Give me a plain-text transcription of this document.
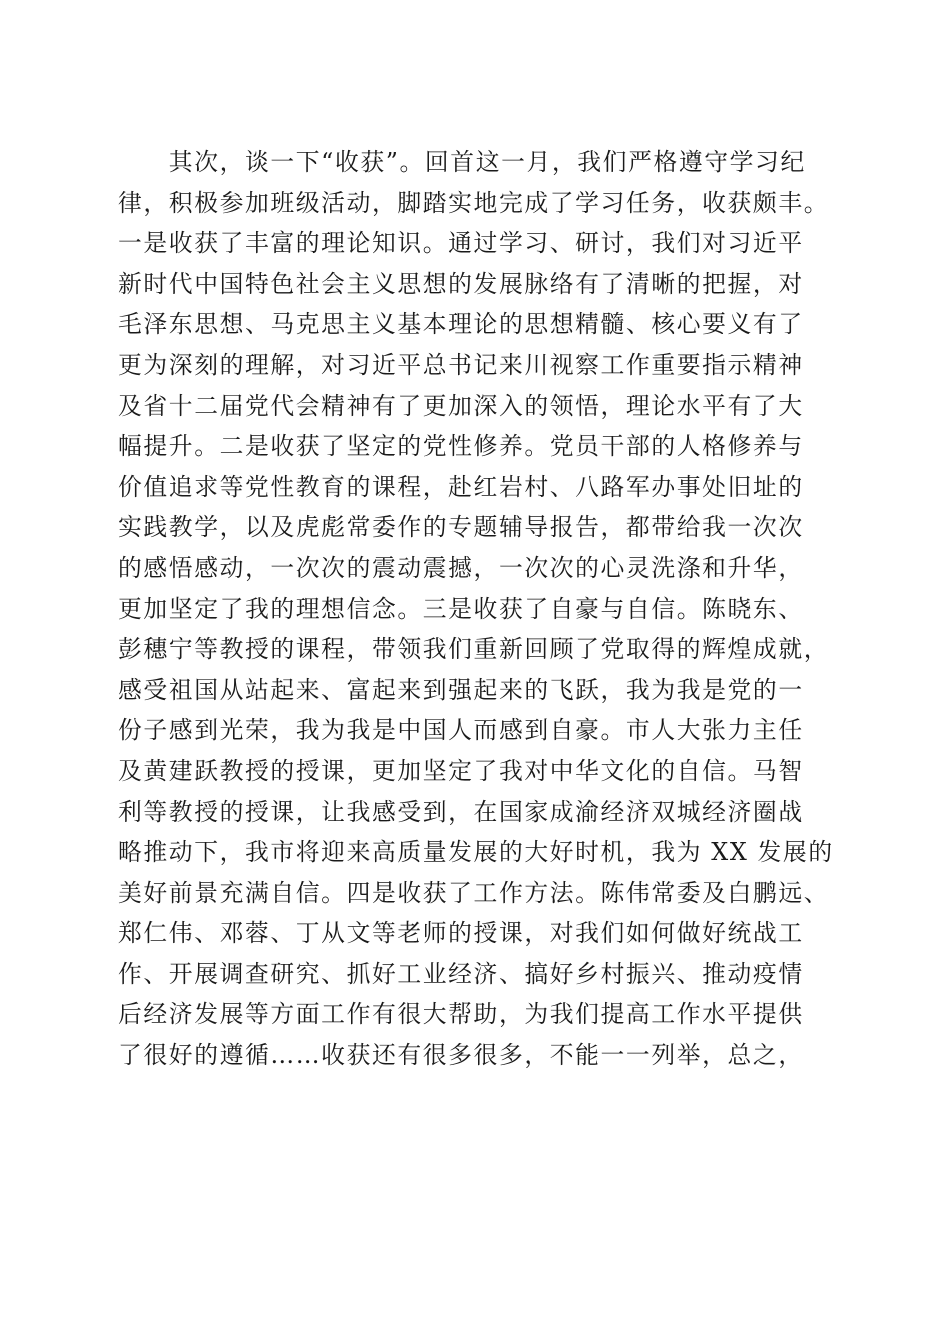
　　其次，谈一下“收获”。回首这一月，我们严格遵守学习纪
律，积极参加班级活动，脚踏实地完成了学习任务，收获颇丰。
一是收获了丰富的理论知识。通过学习、研讨，我们对习近平
新时代中国特色社会主义思想的发展脉络有了清晰的把握，对
毛泽东思想、马克思主义基本理论的思想精髓、核心要义有了
更为深刻的理解，对习近平总书记来川视察工作重要指示精神
及省十二届党代会精神有了更加深入的领悟，理论水平有了大
幅提升。二是收获了坚定的党性修养。党员干部的人格修养与
价值追求等党性教育的课程，赴红岩村、八路军办事处旧址的
实践教学，以及虎彪常委作的专题辅导报告，都带给我一次次
的感悟感动，一次次的震动震撼，一次次的心灵洗涤和升华，
更加坚定了我的理想信念。三是收获了自豪与自信。陈晓东、
彭穗宁等教授的课程，带领我们重新回顾了党取得的辉煌成就，
感受祖国从站起来、富起来到强起来的飞跃，我为我是党的一
份子感到光荣，我为我是中国人而感到自豪。市人大张力主任
及黄建跃教授的授课，更加坚定了我对中华文化的自信。马智
利等教授的授课，让我感受到，在国家成渝经济双城经济圈战
略推动下，我市将迎来高质量发展的大好时机，我为 XX 发展的
美好前景充满自信。四是收获了工作方法。陈伟常委及白鹏远、
郑仁伟、邓蓉、丁从文等老师的授课，对我们如何做好统战工
作、开展调查研究、抓好工业经济、搞好乡村振兴、推动疫情
后经济发展等方面工作有很大帮助，为我们提高工作水平提供
了很好的遵循……收获还有很多很多，不能一一列举，总之，
